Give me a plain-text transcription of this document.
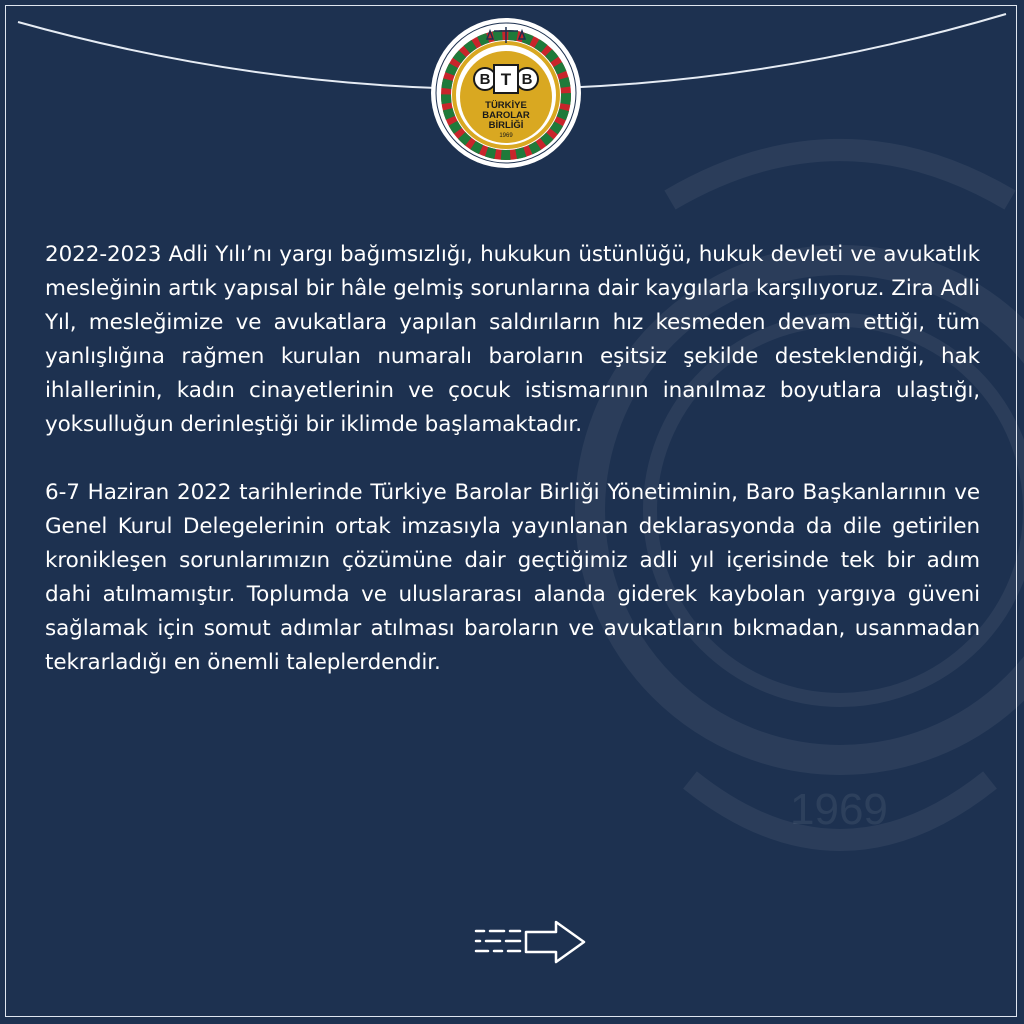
1969
B T B
TÜRKİYE
BAROLAR
BİRLİĞİ
1969

2022-2023 Adli Yılı’nı yargı bağımsızlığı, hukukun üstünlüğü, hukuk devleti ve avukatlık mesleğinin artık yapısal bir hâle gelmiş sorunlarına dair kaygılarla karşılıyoruz. Zira Adli Yıl, mesleğimize ve avukatlara yapılan saldırıların hız kesmeden devam ettiği, tüm yanlışlığına rağmen kurulan numaralı baroların eşitsiz şekilde desteklendiği, hak ihlallerinin, kadın cinayetlerinin ve çocuk istismarının inanılmaz boyutlara ulaştığı, yoksulluğun derinleştiği bir iklimde başlamaktadır.

6-7 Haziran 2022 tarihlerinde Türkiye Barolar Birliği Yönetiminin, Baro Başkanlarının ve Genel Kurul Delegelerinin ortak imzasıyla yayınlanan deklarasyonda da dile getirilen kronikleşen sorunlarımızın çözümüne dair geçtiğimiz adli yıl içerisinde tek bir adım dahi atılmamıştır. Toplumda ve uluslararası alanda giderek kaybolan yargıya güveni sağlamak için somut adımlar atılması baroların ve avukatların bıkmadan, usanmadan tekrarladığı en önemli taleplerdendir.
